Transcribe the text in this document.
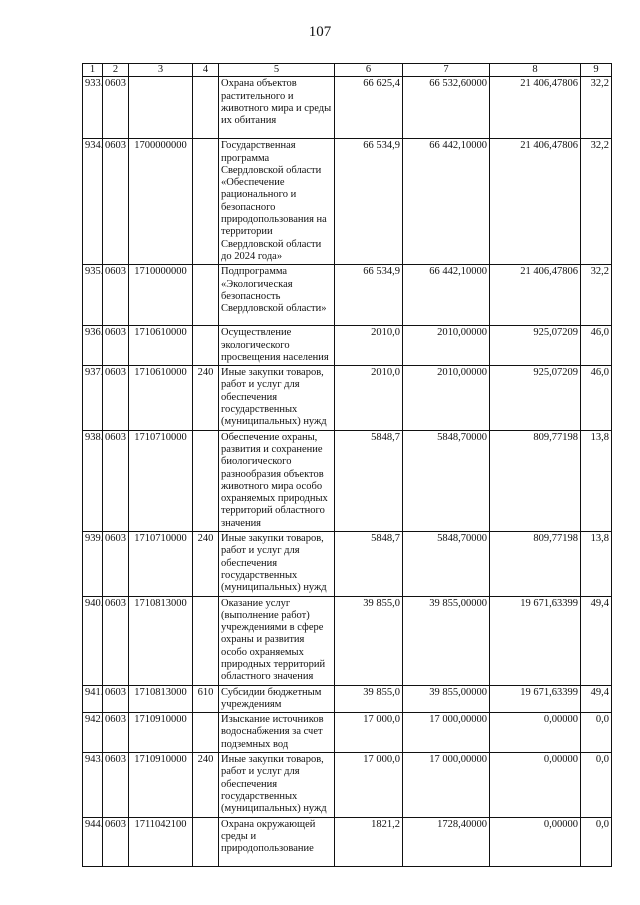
107
1	2	3	4	5	6	7	8	9
933.	0603			Охрана объектов растительного и животного мира и среды их обитания	66 625,4	66 532,60000	21 406,47806	32,2
934.	0603	1700000000		Государственная программа Свердловской области «Обеспечение рационального и безопасного природопользования на территории Свердловской области до 2024 года»	66 534,9	66 442,10000	21 406,47806	32,2
935.	0603	1710000000		Подпрограмма «Экологическая безопасность Свердловской области»	66 534,9	66 442,10000	21 406,47806	32,2
936.	0603	1710610000		Осуществление экологического просвещения населения	2010,0	2010,00000	925,07209	46,0
937.	0603	1710610000	240	Иные закупки товаров, работ и услуг для обеспечения государственных (муниципальных) нужд	2010,0	2010,00000	925,07209	46,0
938.	0603	1710710000		Обеспечение охраны, развития и сохранение биологического разнообразия объектов животного мира особо охраняемых природных территорий областного значения	5848,7	5848,70000	809,77198	13,8
939.	0603	1710710000	240	Иные закупки товаров, работ и услуг для обеспечения государственных (муниципальных) нужд	5848,7	5848,70000	809,77198	13,8
940.	0603	1710813000		Оказание услуг (выполнение работ) учреждениями в сфере охраны и развития особо охраняемых природных территорий областного значения	39 855,0	39 855,00000	19 671,63399	49,4
941.	0603	1710813000	610	Субсидии бюджетным учреждениям	39 855,0	39 855,00000	19 671,63399	49,4
942.	0603	1710910000		Изыскание источников водоснабжения за счет подземных вод	17 000,0	17 000,00000	0,00000	0,0
943.	0603	1710910000	240	Иные закупки товаров, работ и услуг для обеспечения государственных (муниципальных) нужд	17 000,0	17 000,00000	0,00000	0,0
944.	0603	1711042100		Охрана окружающей среды и природопользование	1821,2	1728,40000	0,00000	0,0
